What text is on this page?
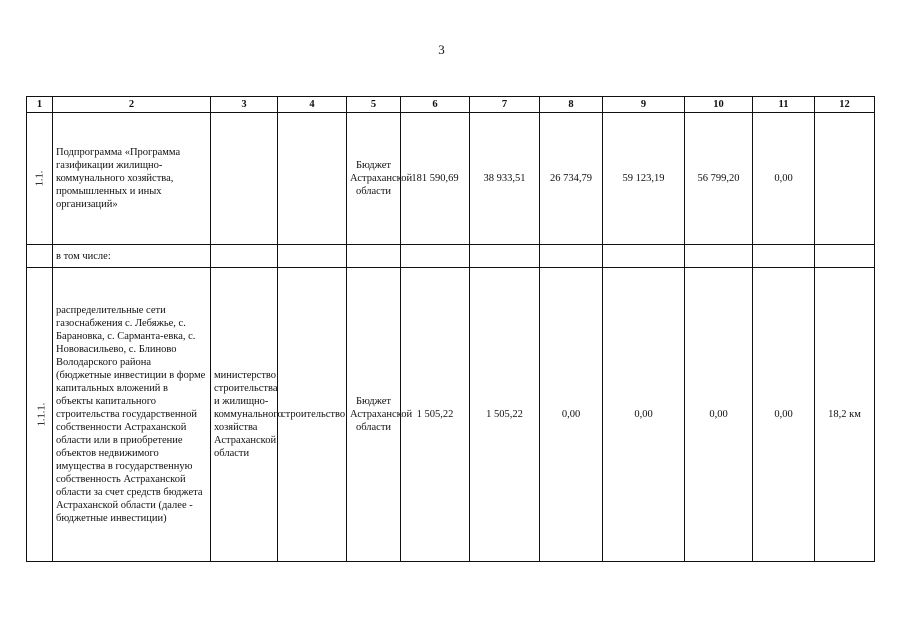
3
1	2	3	4	5	6	7	8	9	10	11	12
1.1.	Подпрограмма «Программа газификации жилищно-коммунального хозяйства, промышленных и иных организаций»			Бюджет Астраханской области	181 590,69	38 933,51	26 734,79	59 123,19	56 799,20	0,00	
	в том числе:										
1.1.1.	распределительные сети газоснабжения с. Лебяжье, с. Барановка, с. Сарманта-евка, с. Нововасильево, с. Блиново Володарского района (бюджетные инвестиции в форме капитальных вложений в объекты капитального строительства государственной собственности Астраханской области или в приобретение объектов недвижимого имущества в государственную собственность Астраханской области за счет средств бюджета Астраханской области (далее - бюджетные инвестиции)	министерство строительства и жилищно-коммунального хозяйства Астраханской области	строительство	Бюджет Астраханской области	1 505,22	1 505,22	0,00	0,00	0,00	0,00	18,2 км
